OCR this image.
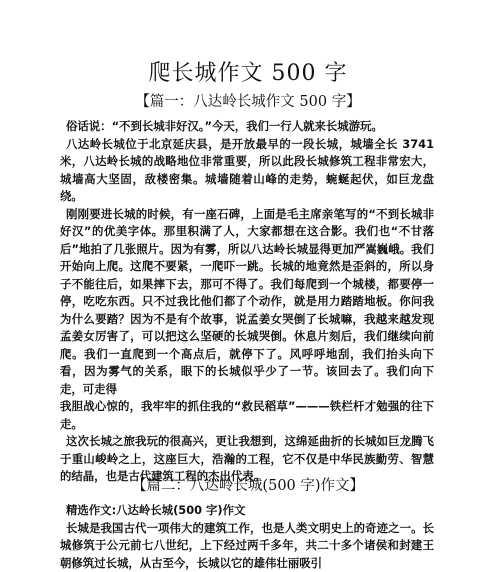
爬长城作文 500 字
【篇一：八达岭长城作文 500 字】

俗话说：“不到长城非好汉。”今天，我们一行人就来长城游玩。

八达岭长城位于北京延庆县，是开放最早的一段长城，城墙全长 3741 米，八达岭长城的战略地位非常重要，所以此段长城修筑工程非常宏大，城墙高大坚固，敌楼密集。城墙随着山峰的走势，蜿蜒起伏，如巨龙盘绕。

刚刚要进长城的时候，有一座石碑，上面是毛主席亲笔写的“不到长城非好汉”的优美字体。那里积满了人，大家都想在这合影。我们也“不甘落后”地拍了几张照片。因为有雾，所以八达岭长城显得更加严嵩巍峨。我们开始向上爬。这爬不要紧，一爬吓一跳。长城的地竟然是歪斜的，所以身子不能往后，如果摔下去，那可不得了。我们每爬到一个城楼，都要停一停，吃吃东西。只不过我比他们都了个动作，就是用力踏踏地板。你问我为什么要踏？因为不是有个故事，说孟姜女哭倒了长城嘛，我越来越发现孟姜女厉害了，可以把这么坚硬的长城哭倒。休息片刻后，我们继续向前爬。我们一直爬到一个高点后，就停下了。风呼呼地刮，我们抬头向下看，因为雾气的关系，眼下的长城似乎少了一节。该回去了。我们向下走，可走得

我胆战心惊的，我牢牢的抓住我的“救民稻草”———铁栏杆才勉强的往下走。

这次长城之旅我玩的很高兴，更让我想到，这绵延曲折的长城如巨龙腾飞于重山峻岭之上，这座巨大，浩瀚的工程，它不仅是中华民族勤劳、智慧的结晶，也是古代建筑工程的杰出代表。

【篇二：八达岭长城(500 字)作文】

精选作文:八达岭长城(500 字)作文

长城是我国古代一项伟大的建筑工作，也是人类文明史上的奇迹之一。长城修筑于公元前七八世纪，上下经过两千多年，共二十多个诸侯和封建王朝修筑过长城，从古至今，长城以它的雄伟壮丽吸引
